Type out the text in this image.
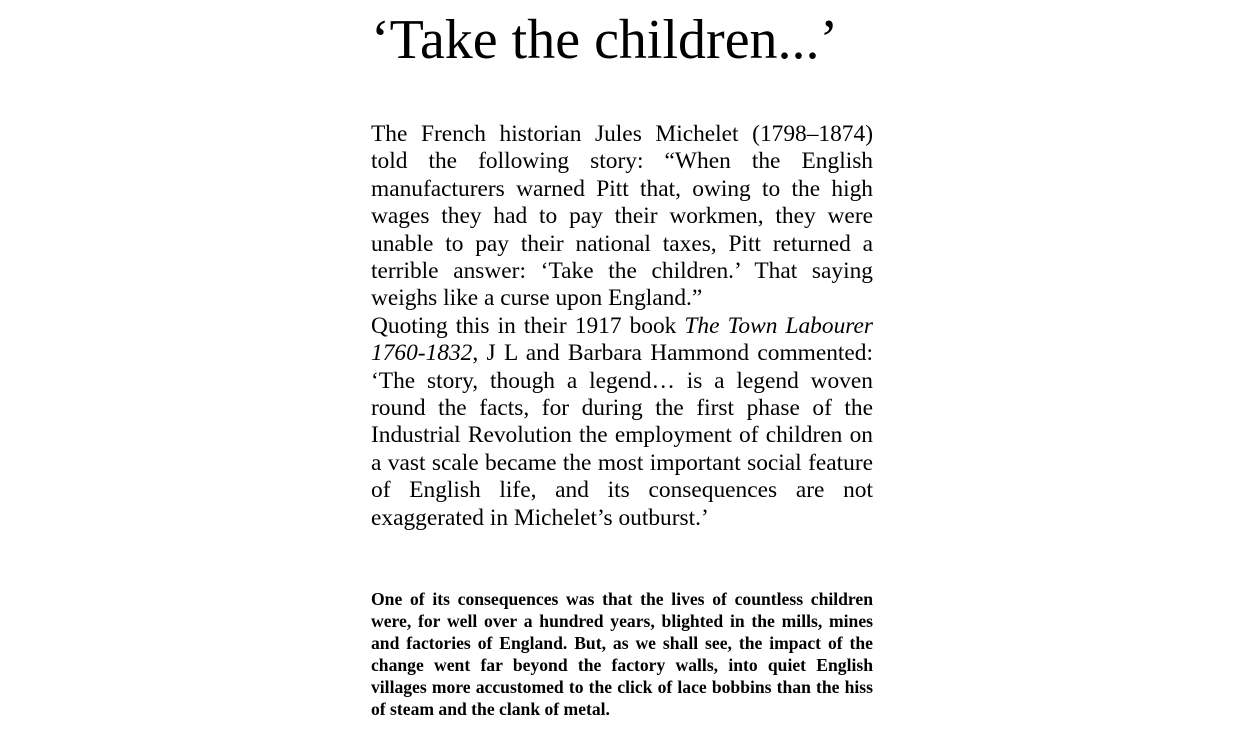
‘Take the children...’

The French historian Jules Michelet (1798–1874) told the following story: “When the English manufacturers warned Pitt that, owing to the high wages they had to pay their workmen, they were unable to pay their national taxes, Pitt returned a terrible answer: ‘Take the children.’ That saying weighs like a curse upon England.”

Quoting this in their 1917 book The Town Labourer 1760-1832, J L and Barbara Hammond commented: ‘The story, though a legend… is a legend woven round the facts, for during the first phase of the Industrial Revolution the employment of children on a vast scale became the most important social feature of English life, and its consequences are not exaggerated in Michelet’s outburst.’

One of its consequences was that the lives of countless children were, for well over a hundred years, blighted in the mills, mines and factories of England. But, as we shall see, the impact of the change went far beyond the factory walls, into quiet English villages more accustomed to the click of lace bobbins than the hiss of steam and the clank of metal.
